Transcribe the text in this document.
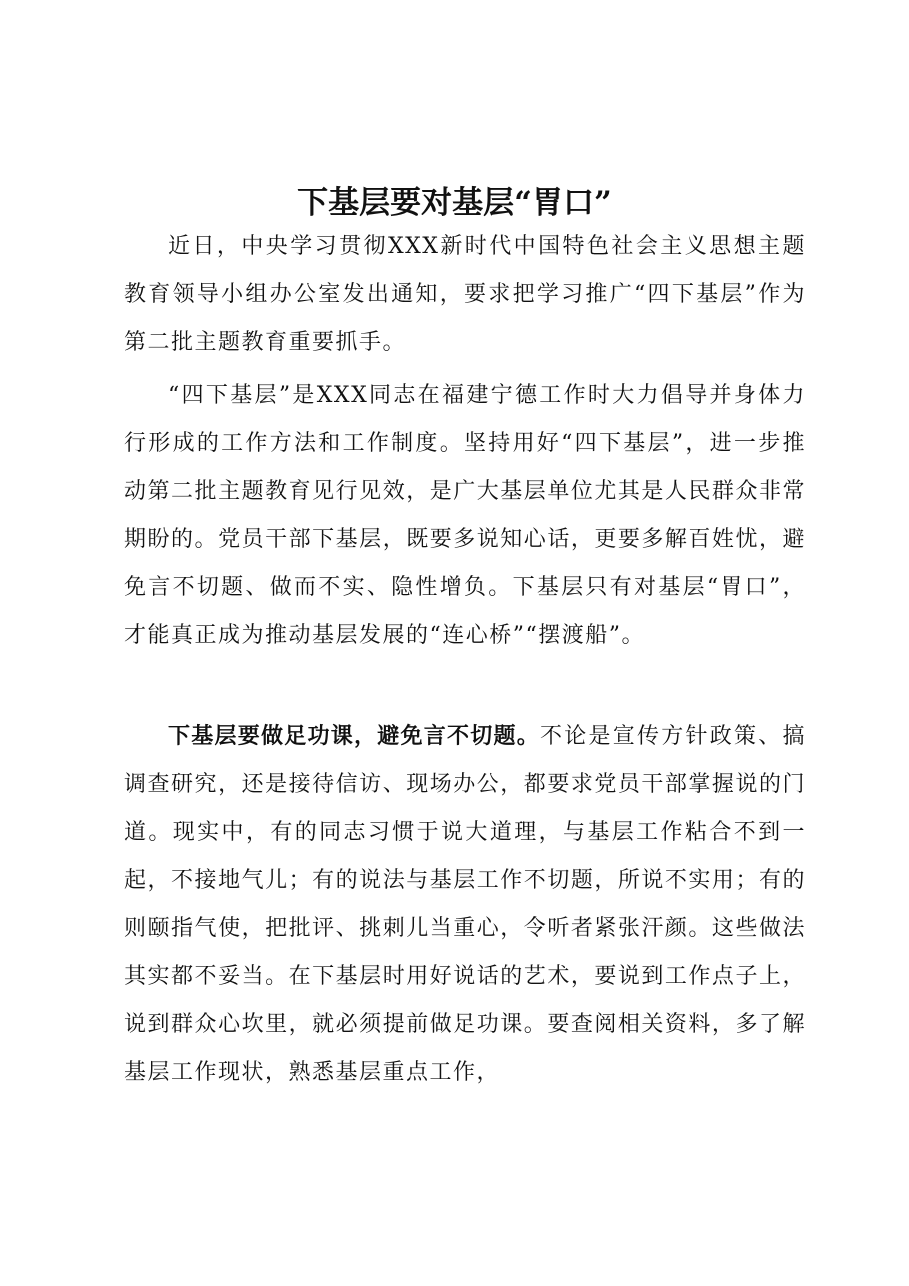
下基层要对基层“胃口”

近日，中央学习贯彻XXX新时代中国特色社会主义思想主题教育领导小组办公室发出通知，要求把学习推广“四下基层”作为第二批主题教育重要抓手。

“四下基层”是XXX同志在福建宁德工作时大力倡导并身体力行形成的工作方法和工作制度。坚持用好“四下基层”，进一步推动第二批主题教育见行见效，是广大基层单位尤其是人民群众非常期盼的。党员干部下基层，既要多说知心话，更要多解百姓忧，避免言不切题、做而不实、隐性增负。下基层只有对基层“胃口”，才能真正成为推动基层发展的“连心桥”“摆渡船”。

下基层要做足功课，避免言不切题。不论是宣传方针政策、搞调查研究，还是接待信访、现场办公，都要求党员干部掌握说的门道。现实中，有的同志习惯于说大道理，与基层工作粘合不到一起，不接地气儿；有的说法与基层工作不切题，所说不实用；有的则颐指气使，把批评、挑刺儿当重心，令听者紧张汗颜。这些做法其实都不妥当。在下基层时用好说话的艺术，要说到工作点子上，说到群众心坎里，就必须提前做足功课。要查阅相关资料，多了解基层工作现状，熟悉基层重点工作，
